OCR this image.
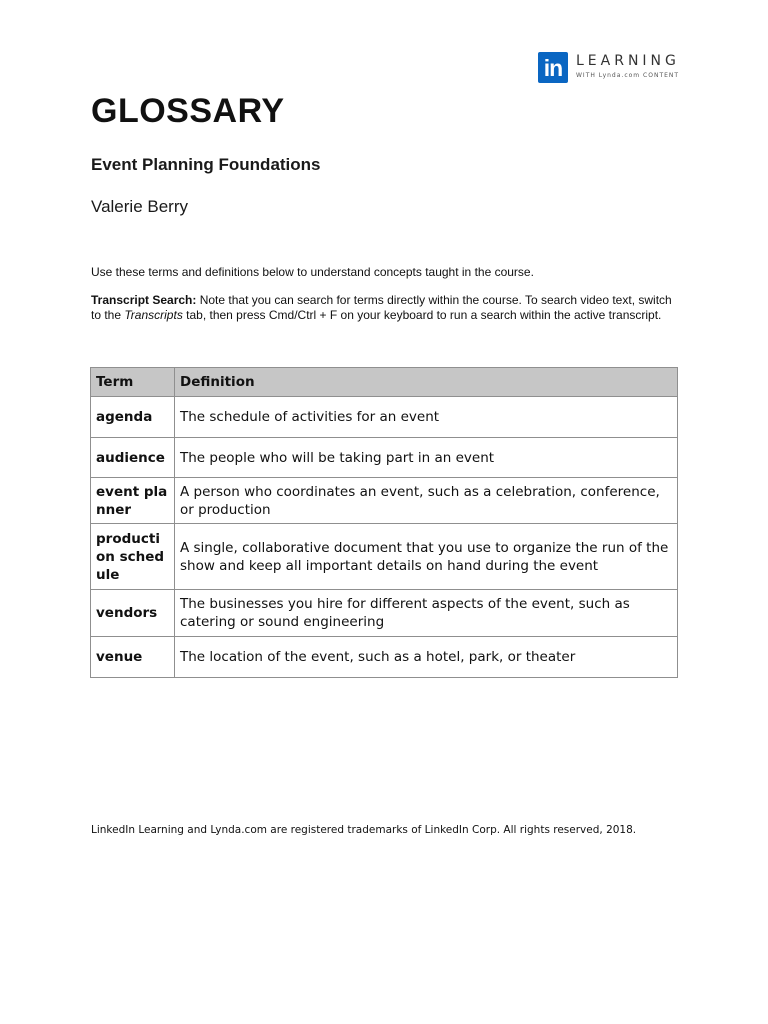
in LEARNING
WITH Lynda.com CONTENT
GLOSSARY
Event Planning Foundations

Valerie Berry

Use these terms and definitions below to understand concepts taught in the course.

Transcript Search: Note that you can search for terms directly within the course. To search video text, switch to the Transcripts tab, then press Cmd/Ctrl + F on your keyboard to run a search within the active transcript.

Term	Definition
agenda	The schedule of activities for an event
audience	The people who will be taking part in an event
event planner	A person who coordinates an event, such as a celebration, conference, or production
production schedule	A single, collaborative document that you use to organize the run of the show and keep all important details on hand during the event
vendors	The businesses you hire for different aspects of the event, such as catering or sound engineering
venue	The location of the event, such as a hotel, park, or theater

LinkedIn Learning and Lynda.com are registered trademarks of LinkedIn Corp. All rights reserved, 2018.
